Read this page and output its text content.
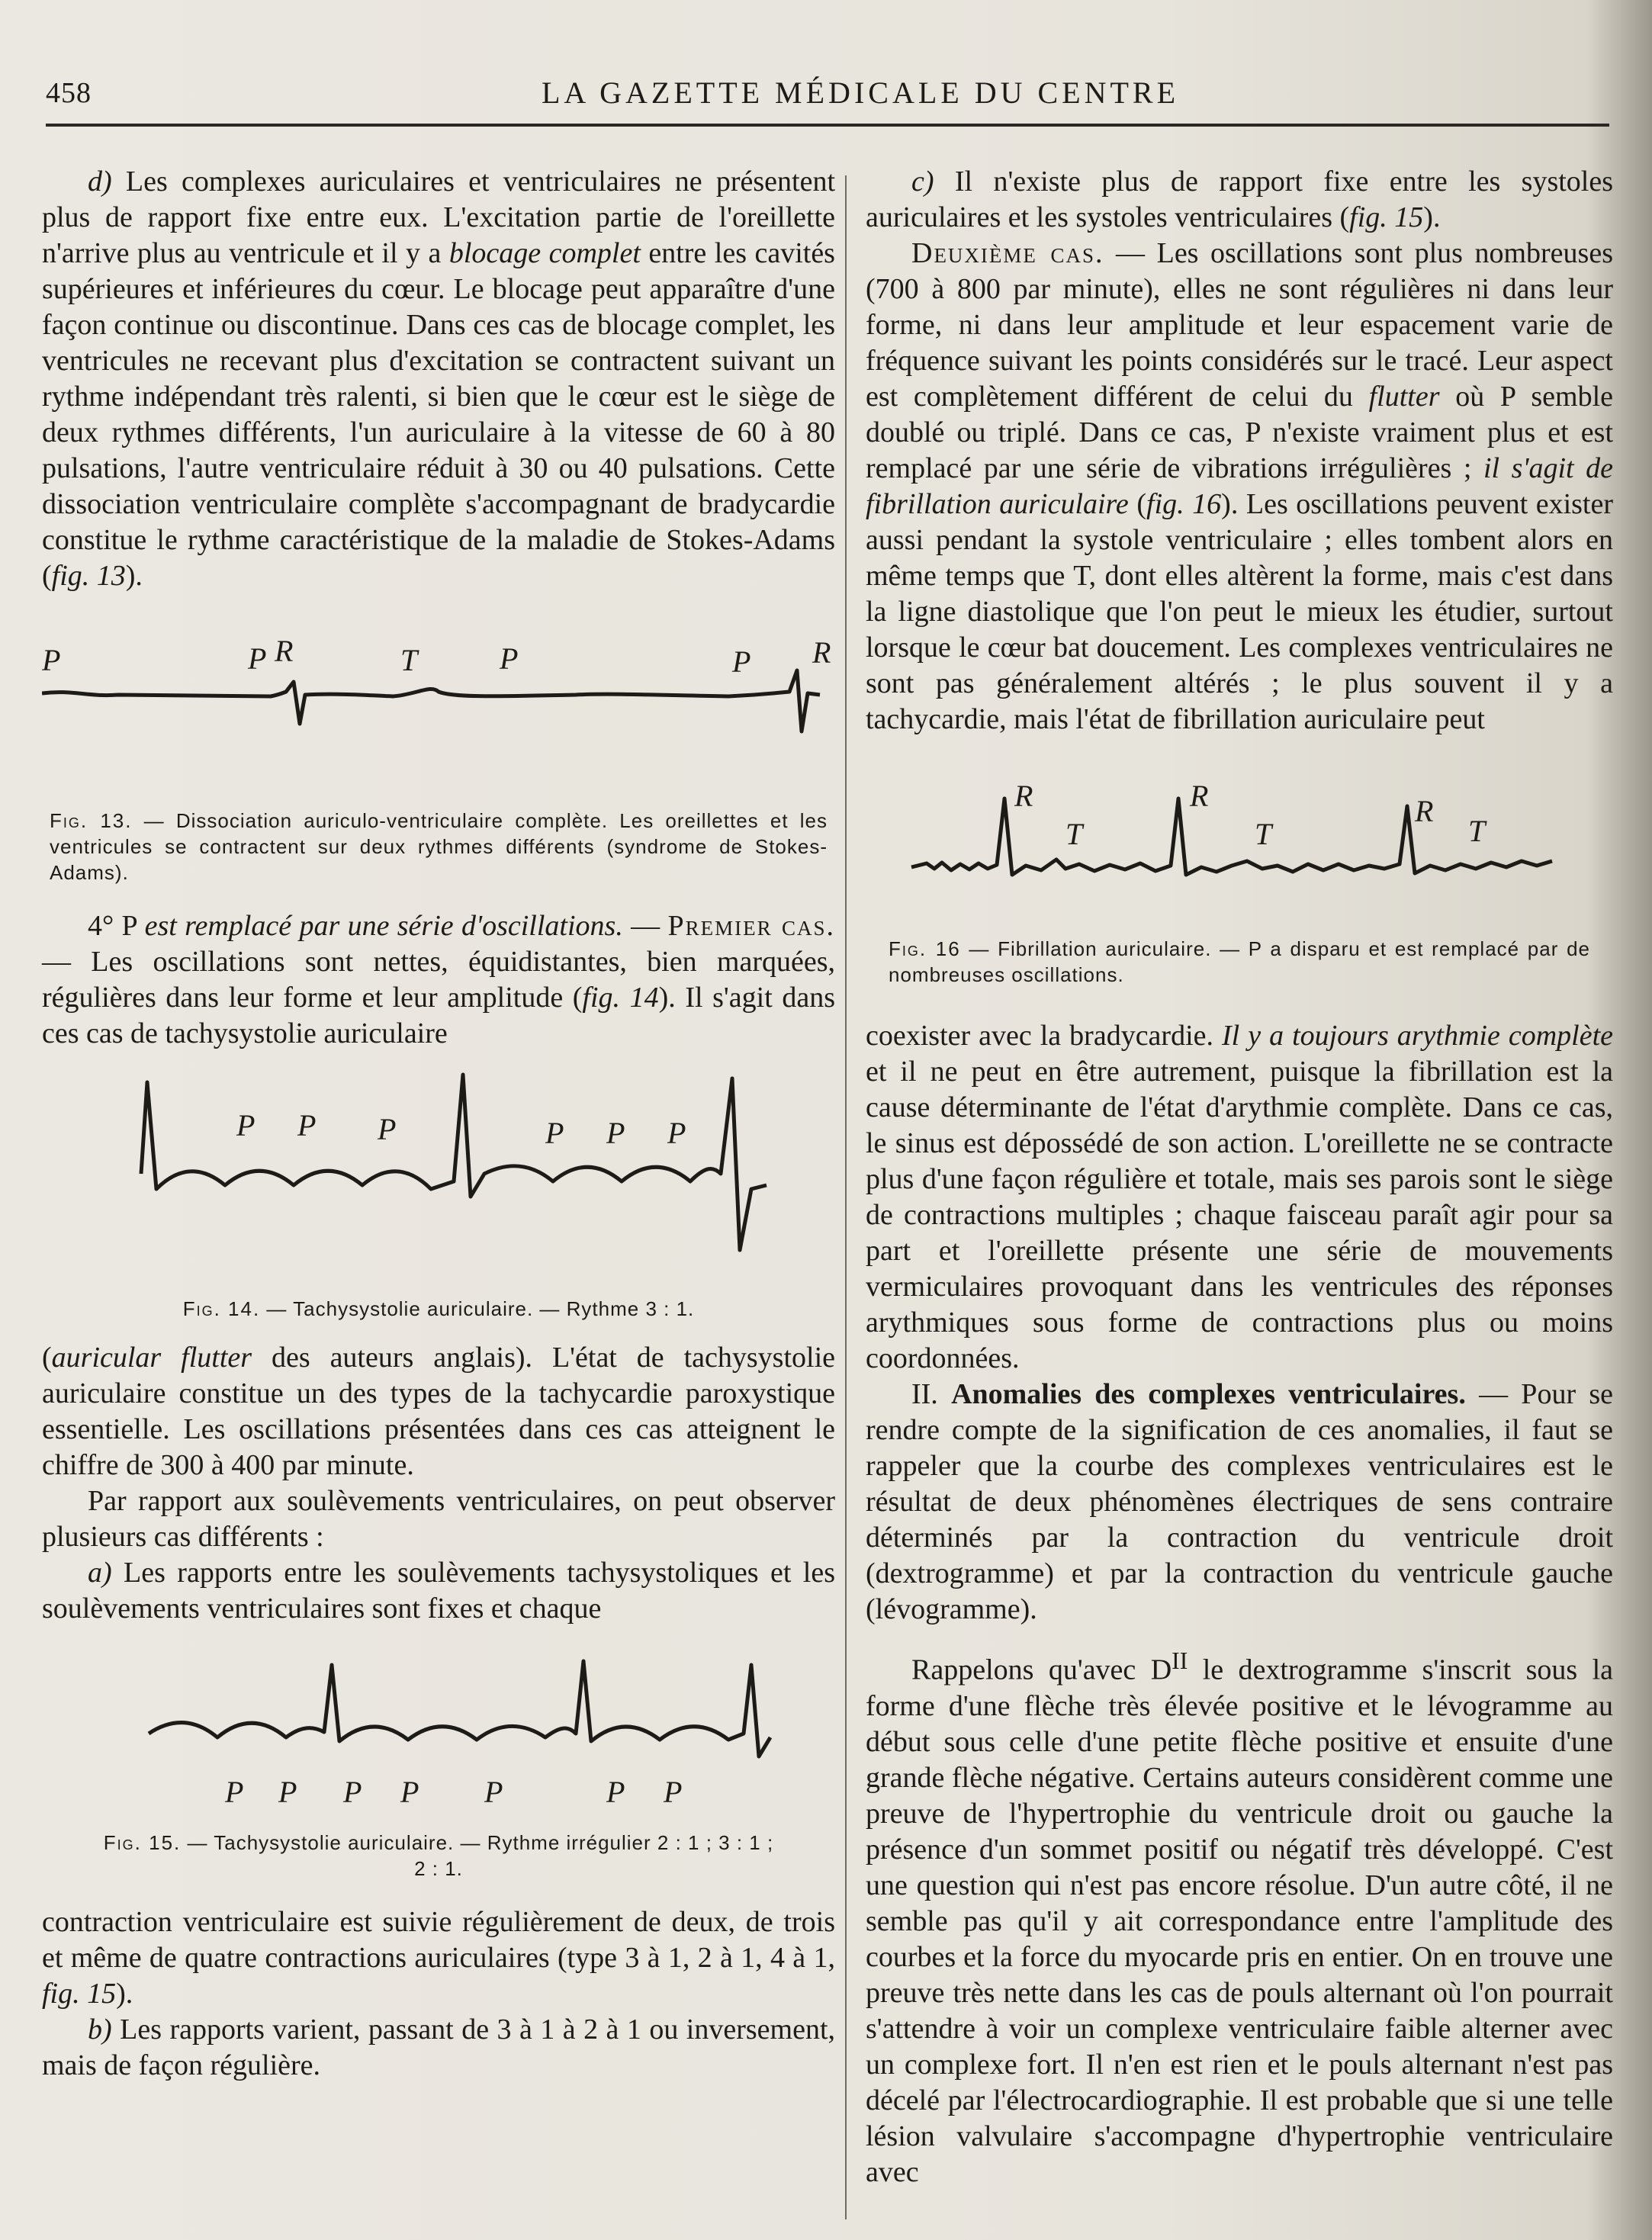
458	LA GAZETTE MÉDICALE DU CENTRE

d) Les complexes auriculaires et ventriculaires ne présentent plus de rapport fixe entre eux. L'excitation partie de l'oreillette n'arrive plus au ventricule et il y a blocage complet entre les cavités supérieures et inférieures du cœur. Le blocage peut apparaître d'une façon continue ou discontinue. Dans ces cas de blocage complet, les ventricules ne recevant plus d'excitation se contractent suivant un rythme indépendant très ralenti, si bien que le cœur est le siège de deux rythmes différents, l'un auriculaire à la vitesse de 60 à 80 pulsations, l'autre ventriculaire réduit à 30 ou 40 pulsations. Cette dissociation ventriculaire complète s'accompagnant de bradycardie constitue le rythme caractéristique de la maladie de Stokes-Adams (fig. 13).

P	P R	T	P	P R

Fig. 13. — Dissociation auriculo-ventriculaire complète. Les oreillettes et les ventricules se contractent sur deux rythmes différents (syndrome de Stokes-Adams).

4° P est remplacé par une série d'oscillations. — Premier cas. — Les oscillations sont nettes, équidistantes, bien marquées, régulières dans leur forme et leur amplitude (fig. 14). Il s'agit dans ces cas de tachysystolie auriculaire

P P P	P P P

Fig. 14. — Tachysystolie auriculaire. — Rythme 3 : 1.

(auricular flutter des auteurs anglais). L'état de tachysystolie auriculaire constitue un des types de la tachycardie paroxystique essentielle. Les oscillations présentées dans ces cas atteignent le chiffre de 300 à 400 par minute.

Par rapport aux soulèvements ventriculaires, on peut observer plusieurs cas différents :

a) Les rapports entre les soulèvements tachysystoliques et les soulèvements ventriculaires sont fixes et chaque

P P P P P	P P

Fig. 15. — Tachysystolie auriculaire. — Rythme irrégulier 2 : 1 ; 3 : 1 ; 2 : 1.

contraction ventriculaire est suivie régulièrement de deux, de trois et même de quatre contractions auriculaires (type 3 à 1, 2 à 1, 4 à 1, fig. 15).

b) Les rapports varient, passant de 3 à 1 à 2 à 1 ou inversement, mais de façon régulière.

c) Il n'existe plus de rapport fixe entre les systoles auriculaires et les systoles ventriculaires (fig. 15).

Deuxième cas. — Les oscillations sont plus nombreuses (700 à 800 par minute), elles ne sont régulières ni dans leur forme, ni dans leur amplitude et leur espacement varie de fréquence suivant les points considérés sur le tracé. Leur aspect est complètement différent de celui du flutter où P semble doublé ou triplé. Dans ce cas, P n'existe vraiment plus et est remplacé par une série de vibrations irrégulières ; il s'agit de fibrillation auriculaire (fig. 16). Les oscillations peuvent exister aussi pendant la systole ventriculaire ; elles tombent alors en même temps que T, dont elles altèrent la forme, mais c'est dans la ligne diastolique que l'on peut le mieux les étudier, surtout lorsque le cœur bat doucement. Les complexes ventriculaires ne sont pas généralement altérés ; le plus souvent il y a tachycardie, mais l'état de fibrillation auriculaire peut

R
T
R
T
R
T

Fig. 16 — Fibrillation auriculaire. — P a disparu et est remplacé par de nombreuses oscillations.

coexister avec la bradycardie. Il y a toujours arythmie complète et il ne peut en être autrement, puisque la fibrillation est la cause déterminante de l'état d'arythmie complète. Dans ce cas, le sinus est dépossédé de son action. L'oreillette ne se contracte plus d'une façon régulière et totale, mais ses parois sont le siège de contractions multiples ; chaque faisceau paraît agir pour sa part et l'oreillette présente une série de mouvements vermiculaires provoquant dans les ventricules des réponses arythmiques sous forme de contractions plus ou moins coordonnées.

II. Anomalies des complexes ventriculaires. — Pour se rendre compte de la signification de ces anomalies, il faut se rappeler que la courbe des complexes ventriculaires est le résultat de deux phénomènes électriques de sens contraire déterminés par la contraction du ventricule droit (dextrogramme) et par la contraction du ventricule gauche (lévogramme).

Rappelons qu'avec $D^{II}$ le dextrogramme s'inscrit sous la forme d'une flèche très élevée positive et le lévogramme au début sous celle d'une petite flèche positive et ensuite d'une grande flèche négative. Certains auteurs considèrent comme une preuve de l'hypertrophie du ventricule droit ou gauche la présence d'un sommet positif ou négatif très développé. C'est une question qui n'est pas encore résolue. D'un autre côté, il ne semble pas qu'il y ait correspondance entre l'amplitude des courbes et la force du myocarde pris en entier. On en trouve une preuve très nette dans les cas de pouls alternant où l'on pourrait s'attendre à voir un complexe ventriculaire faible alterner avec un complexe fort. Il n'en est rien et le pouls alternant n'est pas décelé par l'électrocardiographie. Il est probable que si une telle lésion valvulaire s'accompagne d'hypertrophie ventriculaire avec
